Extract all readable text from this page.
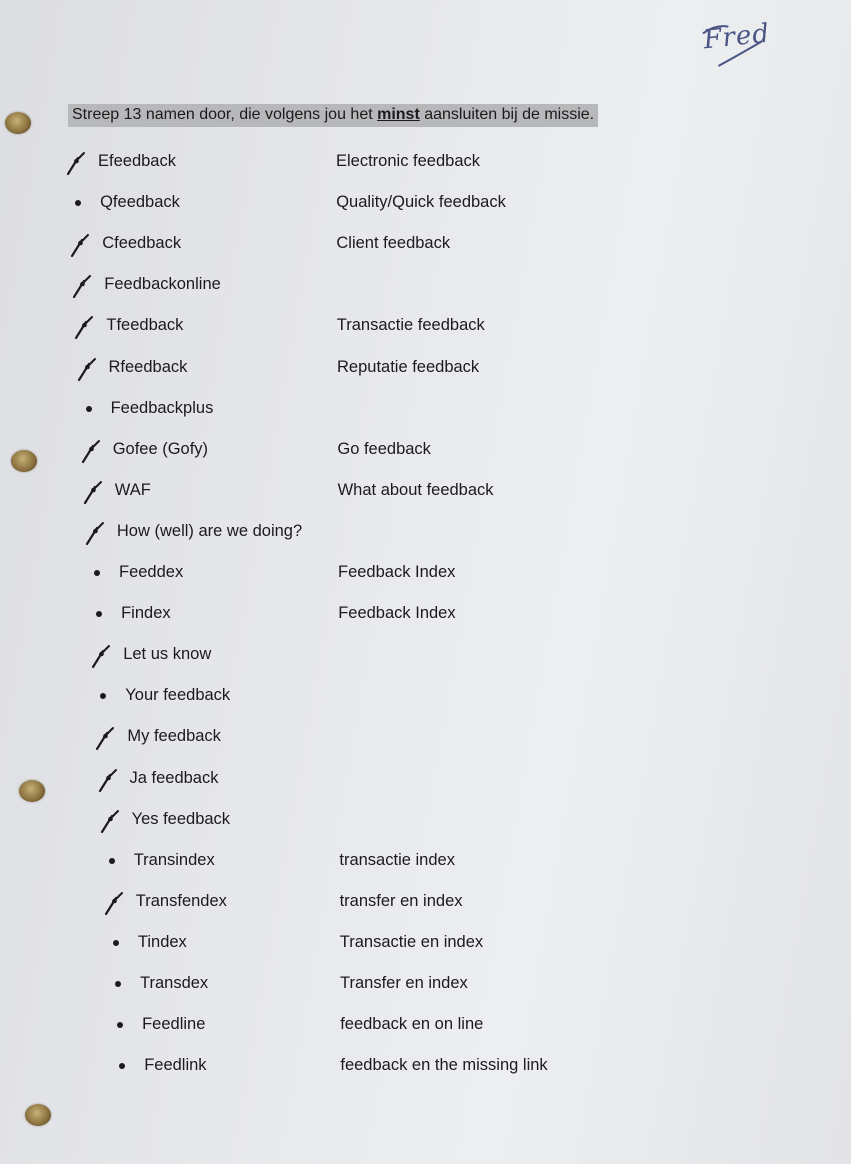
Fred
Streep 13 namen door, die volgens jou het minst aansluiten bij de missie.
Efeedback	Electronic feedback
Qfeedback	Quality/Quick feedback
Cfeedback	Client feedback
Feedbackonline
Tfeedback	Transactie feedback
Rfeedback	Reputatie feedback
Feedbackplus
Gofee (Gofy)	Go feedback
WAF	What about feedback
How (well) are we doing?
Feeddex	Feedback Index
Findex	Feedback Index
Let us know
Your feedback
My feedback
Ja feedback
Yes feedback
Transindex	transactie index
Transfendex	transfer en index
Tindex	Transactie en index
Transdex	Transfer en index
Feedline	feedback en on line
Feedlink	feedback en the missing link
